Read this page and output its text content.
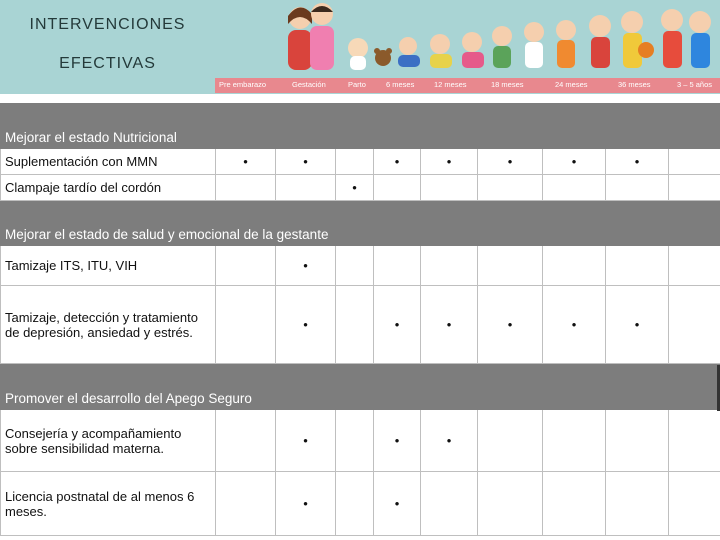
INTERVENCIONES
EFECTIVAS
Pre embarazo	Gestación	Parto	6 meses	12 meses	18 meses	24 meses	36 meses	3 – 5 años
Mejorar el estado Nutricional									
Suplementación con MMN	•	•		•	•	•	•	•	
Clampaje tardío del cordón			•						
Mejorar el estado de salud y emocional de la gestante									
Tamizaje ITS, ITU, VIH		•							
Tamizaje, detección y tratamiento de depresión, ansiedad y estrés.		•		•	•	•	•	•	
Promover el desarrollo del Apego Seguro									
Consejería y acompañamiento sobre sensibilidad materna.		•		•	•				
Licencia postnatal de al menos 6 meses.		•		•					
